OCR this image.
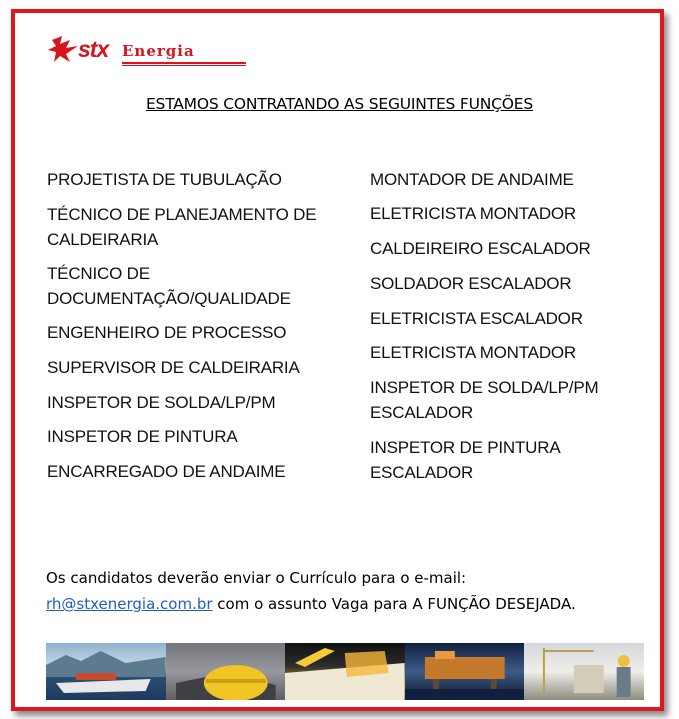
stx Energia
ESTAMOS CONTRATANDO AS SEGUINTES FUNÇÕES
PROJETISTA DE TUBULAÇÃO
TÉCNICO DE PLANEJAMENTO DE
CALDEIRARIA
TÉCNICO DE
DOCUMENTAÇÃO/QUALIDADE
ENGENHEIRO DE PROCESSO
SUPERVISOR DE CALDEIRARIA
INSPETOR DE SOLDA/LP/PM
INSPETOR DE PINTURA
ENCARREGADO DE ANDAIME
MONTADOR DE ANDAIME
ELETRICISTA MONTADOR
CALDEIREIRO ESCALADOR
SOLDADOR ESCALADOR
ELETRICISTA ESCALADOR
ELETRICISTA MONTADOR
INSPETOR DE SOLDA/LP/PM
ESCALADOR
INSPETOR DE PINTURA
ESCALADOR
Os candidatos deverão enviar o Currículo para o e-mail:
rh@stxenergia.com.br com o assunto Vaga para A FUNÇÃO DESEJADA.
